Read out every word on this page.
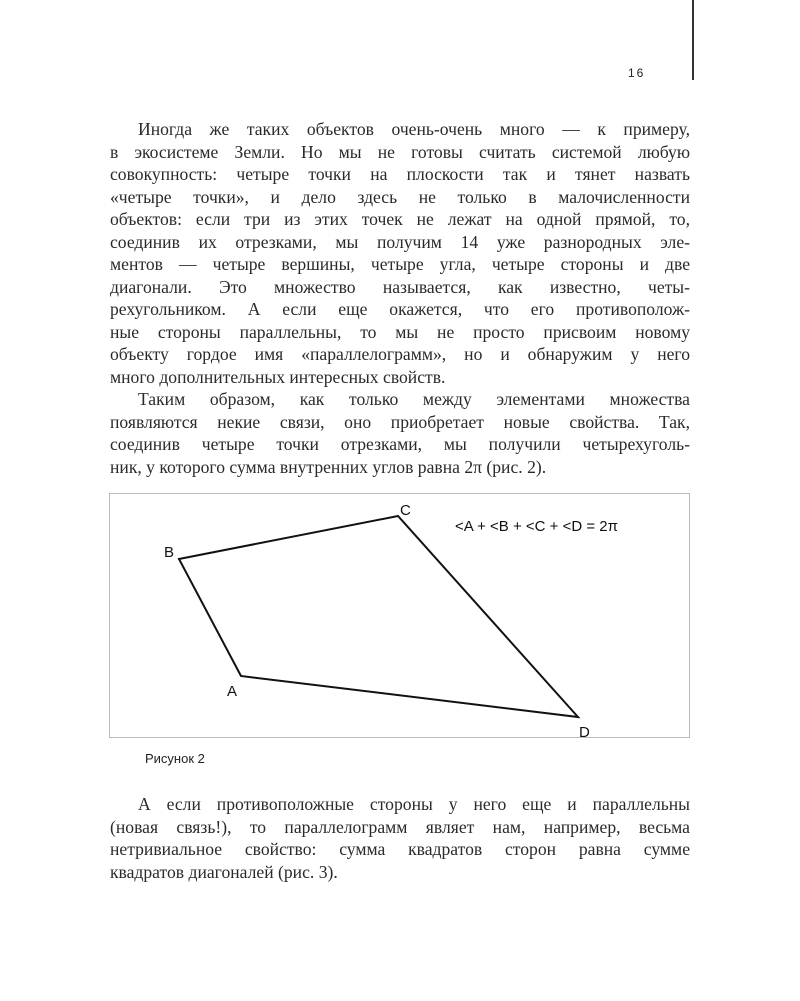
16
Иногда же таких объектов очень-очень много — к примеру,
в экосистеме Земли. Но мы не готовы считать системой любую
совокупность: четыре точки на плоскости так и тянет назвать
«четыре точки», и дело здесь не только в малочисленности
объектов: если три из этих точек не лежат на одной прямой, то,
соединив их отрезками, мы получим 14 уже разнородных эле-
ментов — четыре вершины, четыре угла, четыре стороны и две
диагонали. Это множество называется, как известно, четы-
рехугольником. А если еще окажется, что его противополож-
ные стороны параллельны, то мы не просто присвоим новому
объекту гордое имя «параллелограмм», но и обнаружим у него
много дополнительных интересных свойств.
Таким образом, как только между элементами множества
появляются некие связи, оно приобретает новые свойства. Так,
соединив четыре точки отрезками, мы получили четырехуголь-
ник, у которого сумма внутренних углов равна 2π (рис. 2).
B
C
A
D
<A + <B + <C + <D = 2π
Рисунок 2
А если противоположные стороны у него еще и параллельны
(новая связь!), то параллелограмм являет нам, например, весьма
нетривиальное свойство: сумма квадратов сторон равна сумме
квадратов диагоналей (рис. 3).
